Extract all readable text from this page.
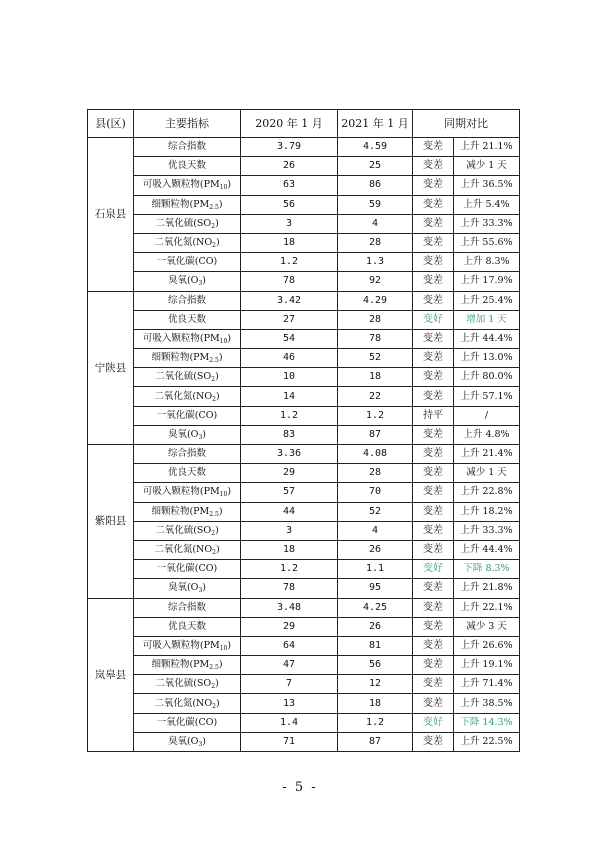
县(区)	主要指标	2020 年 1 月	2021 年 1 月	同期对比	
石泉县	综合指数	3.79	4.59	变差	上升 21.1%
	优良天数	26	25	变差	减少 1 天
	可吸入颗粒物$(PM_{10})$	63	86	变差	上升 36.5%
	细颗粒物$(PM_{2.5})$	56	59	变差	上升 5.4%
	二氧化硫$(SO_2)$	3	4	变差	上升 33.3%
	二氧化氮$(NO_2)$	18	28	变差	上升 55.6%
	一氧化碳(CO)	1.2	1.3	变差	上升 8.3%
	臭氧$(O_3)$	78	92	变差	上升 17.9%
宁陕县	综合指数	3.42	4.29	变差	上升 25.4%
	优良天数	27	28	变好	增加 1 天
	可吸入颗粒物$(PM_{10})$	54	78	变差	上升 44.4%
	细颗粒物$(PM_{2.5})$	46	52	变差	上升 13.0%
	二氧化硫$(SO_2)$	10	18	变差	上升 80.0%
	二氧化氮$(NO_2)$	14	22	变差	上升 57.1%
	一氧化碳(CO)	1.2	1.2	持平	/
	臭氧$(O_3)$	83	87	变差	上升 4.8%
紫阳县	综合指数	3.36	4.08	变差	上升 21.4%
	优良天数	29	28	变差	减少 1 天
	可吸入颗粒物$(PM_{10})$	57	70	变差	上升 22.8%
	细颗粒物$(PM_{2.5})$	44	52	变差	上升 18.2%
	二氧化硫$(SO_2)$	3	4	变差	上升 33.3%
	二氧化氮$(NO_2)$	18	26	变差	上升 44.4%
	一氧化碳(CO)	1.2	1.1	变好	下降 8.3%
	臭氧$(O_3)$	78	95	变差	上升 21.8%
岚皋县	综合指数	3.48	4.25	变差	上升 22.1%
	优良天数	29	26	变差	减少 3 天
	可吸入颗粒物$(PM_{10})$	64	81	变差	上升 26.6%
	细颗粒物$(PM_{2.5})$	47	56	变差	上升 19.1%
	二氧化硫$(SO_2)$	7	12	变差	上升 71.4%
	二氧化氮$(NO_2)$	13	18	变差	上升 38.5%
	一氧化碳(CO)	1.4	1.2	变好	下降 14.3%
	臭氧$(O_3)$	71	87	变差	上升 22.5%
- 5 -
